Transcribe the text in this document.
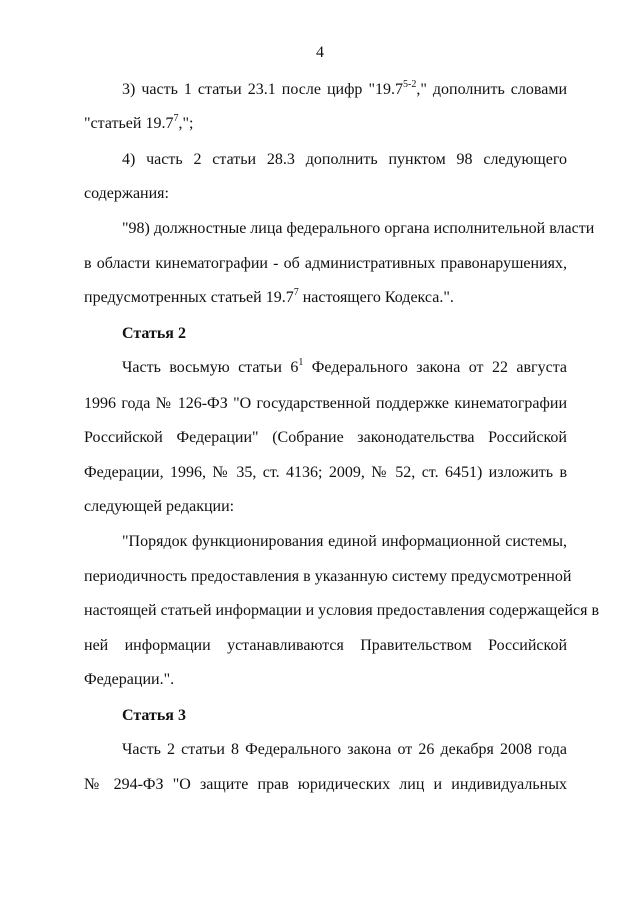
4
3) часть 1 статьи 23.1 после цифр "19.7$^{5-2}$," дополнить словами
"статьей 19.7$^7$,";
4) часть 2 статьи 28.3 дополнить пунктом 98 следующего
содержания:
"98) должностные лица федерального органа исполнительной власти
в области кинематографии - об административных правонарушениях,
предусмотренных статьей 19.7$^7$ настоящего Кодекса.".
Статья 2
Часть восьмую статьи $6^1$ Федерального закона от 22 августа
1996 года № 126-ФЗ "О государственной поддержке кинематографии
Российской Федерации" (Собрание законодательства Российской
Федерации, 1996, № 35, ст. 4136; 2009, № 52, ст. 6451) изложить в
следующей редакции:
"Порядок функционирования единой информационной системы,
периодичность предоставления в указанную систему предусмотренной
настоящей статьей информации и условия предоставления содержащейся в
ней информации устанавливаются Правительством Российской
Федерации.".
Статья 3
Часть 2 статьи 8 Федерального закона от 26 декабря 2008 года
№ 294-ФЗ "О защите прав юридических лиц и индивидуальных
